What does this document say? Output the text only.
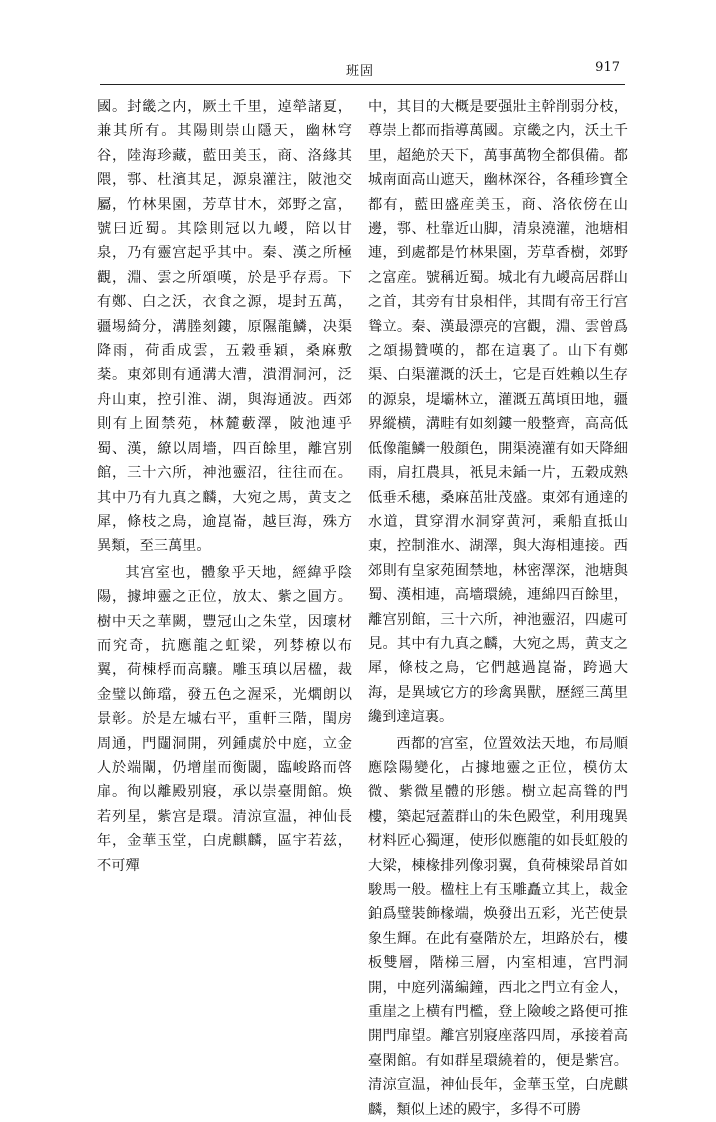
班固	917

國。封畿之内，厥土千里，逴犖諸夏，兼其所有。其陽則崇山隱天，幽林穹谷，陸海珍藏，藍田美玉，商、洛緣其隈，鄠、杜濱其足，源泉灌注，陂池交屬，竹林果園，芳草甘木，郊野之富，號曰近蜀。其陰則冠以九嵕，陪以甘泉，乃有靈宫起乎其中。秦、漢之所極觀，淵、雲之所頌嘆，於是乎存焉。下有鄭、白之沃，衣食之源，堤封五萬，疆埸綺分，溝塍刻鏤，原隰龍鱗，决渠降雨，荷臿成雲，五穀垂穎，桑麻敷棻。東郊則有通溝大漕，潰渭洞河，泛舟山東，控引淮、湖，與海通波。西郊則有上囿禁苑，林麓藪澤，陂池連乎蜀、漢，繚以周墻，四百餘里，離宫别館，三十六所，神池靈沼，往往而在。其中乃有九真之麟，大宛之馬，黄支之犀，條枝之鳥，逾崑崙，越巨海，殊方異類，至三萬里。

其宫室也，體象乎天地，經緯乎陰陽，據坤靈之正位，放太、紫之圓方。樹中天之華闕，豐冠山之朱堂，因瓌材而究奇，抗應龍之虹梁，列棼橑以布翼，荷棟桴而高驤。雕玉瑱以居楹，裁金璧以飾璫，發五色之渥采，光爓朗以景彰。於是左墄右平，重軒三階，閨房周通，門闥洞開，列鍾虡於中庭，立金人於端闈，仍增崖而衡閾，臨峻路而啓扉。徇以離殿别寢，承以崇臺閒館。焕若列星，紫宫是環。清涼宣温，神仙長年，金華玉堂，白虎麒麟，區宇若兹，不可殫

中，其目的大概是要强壯主幹削弱分枝，尊崇上都而指導萬國。京畿之内，沃土千里，超絶於天下，萬事萬物全都俱備。都城南面高山遮天，幽林深谷，各種珍寶全都有，藍田盛産美玉，商、洛依傍在山邊，鄠、杜靠近山脚，清泉澆灌，池塘相連，到處都是竹林果園，芳草香樹，郊野之富産。號稱近蜀。城北有九嵕高居群山之首，其旁有甘泉相伴，其間有帝王行宫聳立。秦、漢最漂亮的宫觀，淵、雲曾爲之頌揚贊嘆的，都在這裏了。山下有鄭渠、白渠灌溉的沃土，它是百姓賴以生存的源泉，堤壩林立，灌溉五萬頃田地，疆界縱横，溝畦有如刻鏤一般整齊，高高低低像龍鱗一般顔色，開渠澆灌有如天降細雨，肩扛農具，衹見未鍤一片，五穀成熟低垂禾穗，桑麻茁壯茂盛。東郊有通達的水道，貫穿渭水洞穿黄河，乘船直抵山東，控制淮水、湖澤，與大海相連接。西郊則有皇家苑囿禁地，林密澤深，池塘與蜀、漢相連，高墻環繞，連綿四百餘里，離宫别館，三十六所，神池靈沼，四處可見。其中有九真之麟，大宛之馬，黄支之犀，條枝之鳥，它們越過崑崙，跨過大海，是異域它方的珍禽異獸，歷經三萬里纔到達這裏。

西都的宫室，位置效法天地，布局順應陰陽變化，占據地靈之正位，模仿太微、紫微星體的形態。樹立起高聳的門樓，築起冠蓋群山的朱色殿堂，利用瑰異材料匠心獨運，使形似應龍的如長虹般的大梁，棟椽排列像羽翼，負荷棟梁昂首如駿馬一般。楹柱上有玉雕矗立其上，裁金鉑爲璧裝飾椽端，焕發出五彩，光芒使景象生輝。在此有臺階於左，坦路於右，樓板雙層，階梯三層，内室相連，宫門洞開，中庭列滿編鐘，西北之門立有金人，重崖之上横有門檻，登上險峻之路便可推開門扉望。離宫别寢座落四周，承接着高臺閑館。有如群星環繞着的，便是紫宫。清涼宣温，神仙長年，金華玉堂，白虎麒麟，類似上述的殿宇，多得不可勝
